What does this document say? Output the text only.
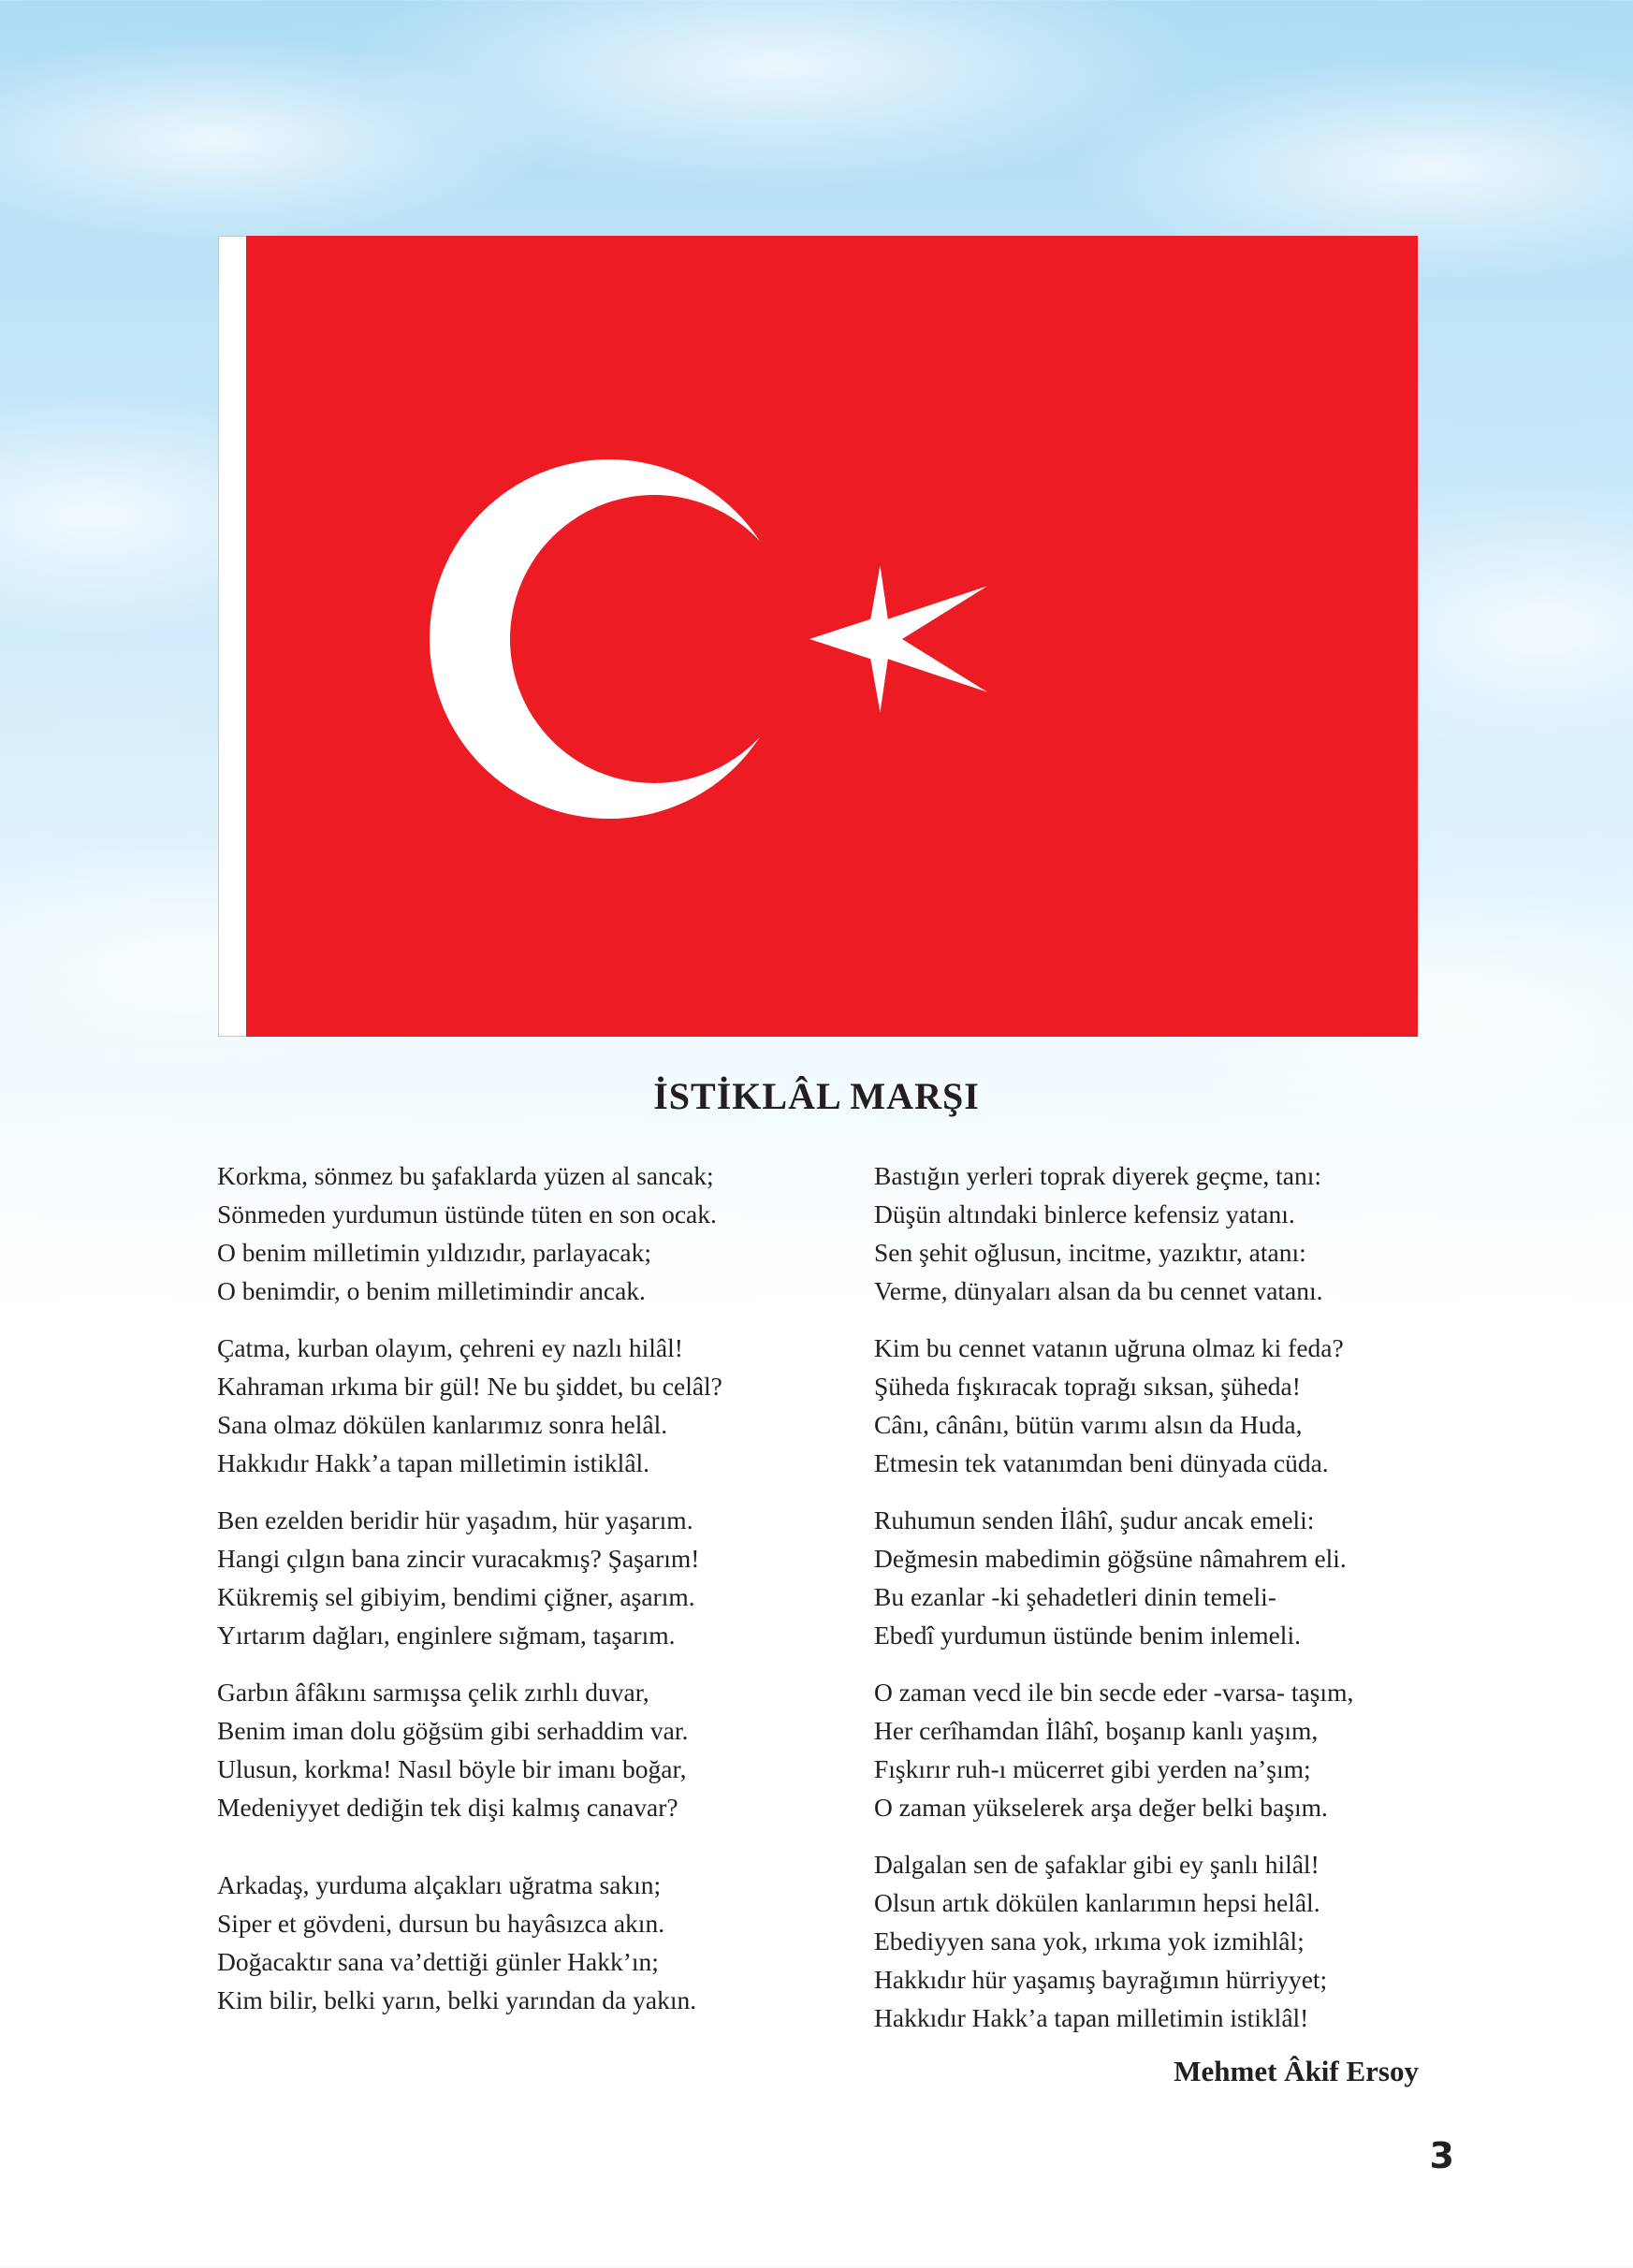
İSTİKLÂL MARŞI
Korkma, sönmez bu şafaklarda yüzen al sancak;
Sönmeden yurdumun üstünde tüten en son ocak.
O benim milletimin yıldızıdır, parlayacak;
O benimdir, o benim milletimindir ancak.
Çatma, kurban olayım, çehreni ey nazlı hilâl!
Kahraman ırkıma bir gül! Ne bu şiddet, bu celâl?
Sana olmaz dökülen kanlarımız sonra helâl.
Hakkıdır Hakk’a tapan milletimin istiklâl.
Ben ezelden beridir hür yaşadım, hür yaşarım.
Hangi çılgın bana zincir vuracakmış? Şaşarım!
Kükremiş sel gibiyim, bendimi çiğner, aşarım.
Yırtarım dağları, enginlere sığmam, taşarım.
Garbın âfâkını sarmışsa çelik zırhlı duvar,
Benim iman dolu göğsüm gibi serhaddim var.
Ulusun, korkma! Nasıl böyle bir imanı boğar,
Medeniyyet dediğin tek dişi kalmış canavar?
Arkadaş, yurduma alçakları uğratma sakın;
Siper et gövdeni, dursun bu hayâsızca akın.
Doğacaktır sana va’dettiği günler Hakk’ın;
Kim bilir, belki yarın, belki yarından da yakın.
Bastığın yerleri toprak diyerek geçme, tanı:
Düşün altındaki binlerce kefensiz yatanı.
Sen şehit oğlusun, incitme, yazıktır, atanı:
Verme, dünyaları alsan da bu cennet vatanı.
Kim bu cennet vatanın uğruna olmaz ki feda?
Şüheda fışkıracak toprağı sıksan, şüheda!
Cânı, cânânı, bütün varımı alsın da Huda,
Etmesin tek vatanımdan beni dünyada cüda.
Ruhumun senden İlâhî, şudur ancak emeli:
Değmesin mabedimin göğsüne nâmahrem eli.
Bu ezanlar -ki şehadetleri dinin temeli-
Ebedî yurdumun üstünde benim inlemeli.
O zaman vecd ile bin secde eder -varsa- taşım,
Her cerîhamdan İlâhî, boşanıp kanlı yaşım,
Fışkırır ruh-ı mücerret gibi yerden na’şım;
O zaman yükselerek arşa değer belki başım.
Dalgalan sen de şafaklar gibi ey şanlı hilâl!
Olsun artık dökülen kanlarımın hepsi helâl.
Ebediyyen sana yok, ırkıma yok izmihlâl;
Hakkıdır hür yaşamış bayrağımın hürriyyet;
Hakkıdır Hakk’a tapan milletimin istiklâl!
Mehmet Âkif Ersoy
3
